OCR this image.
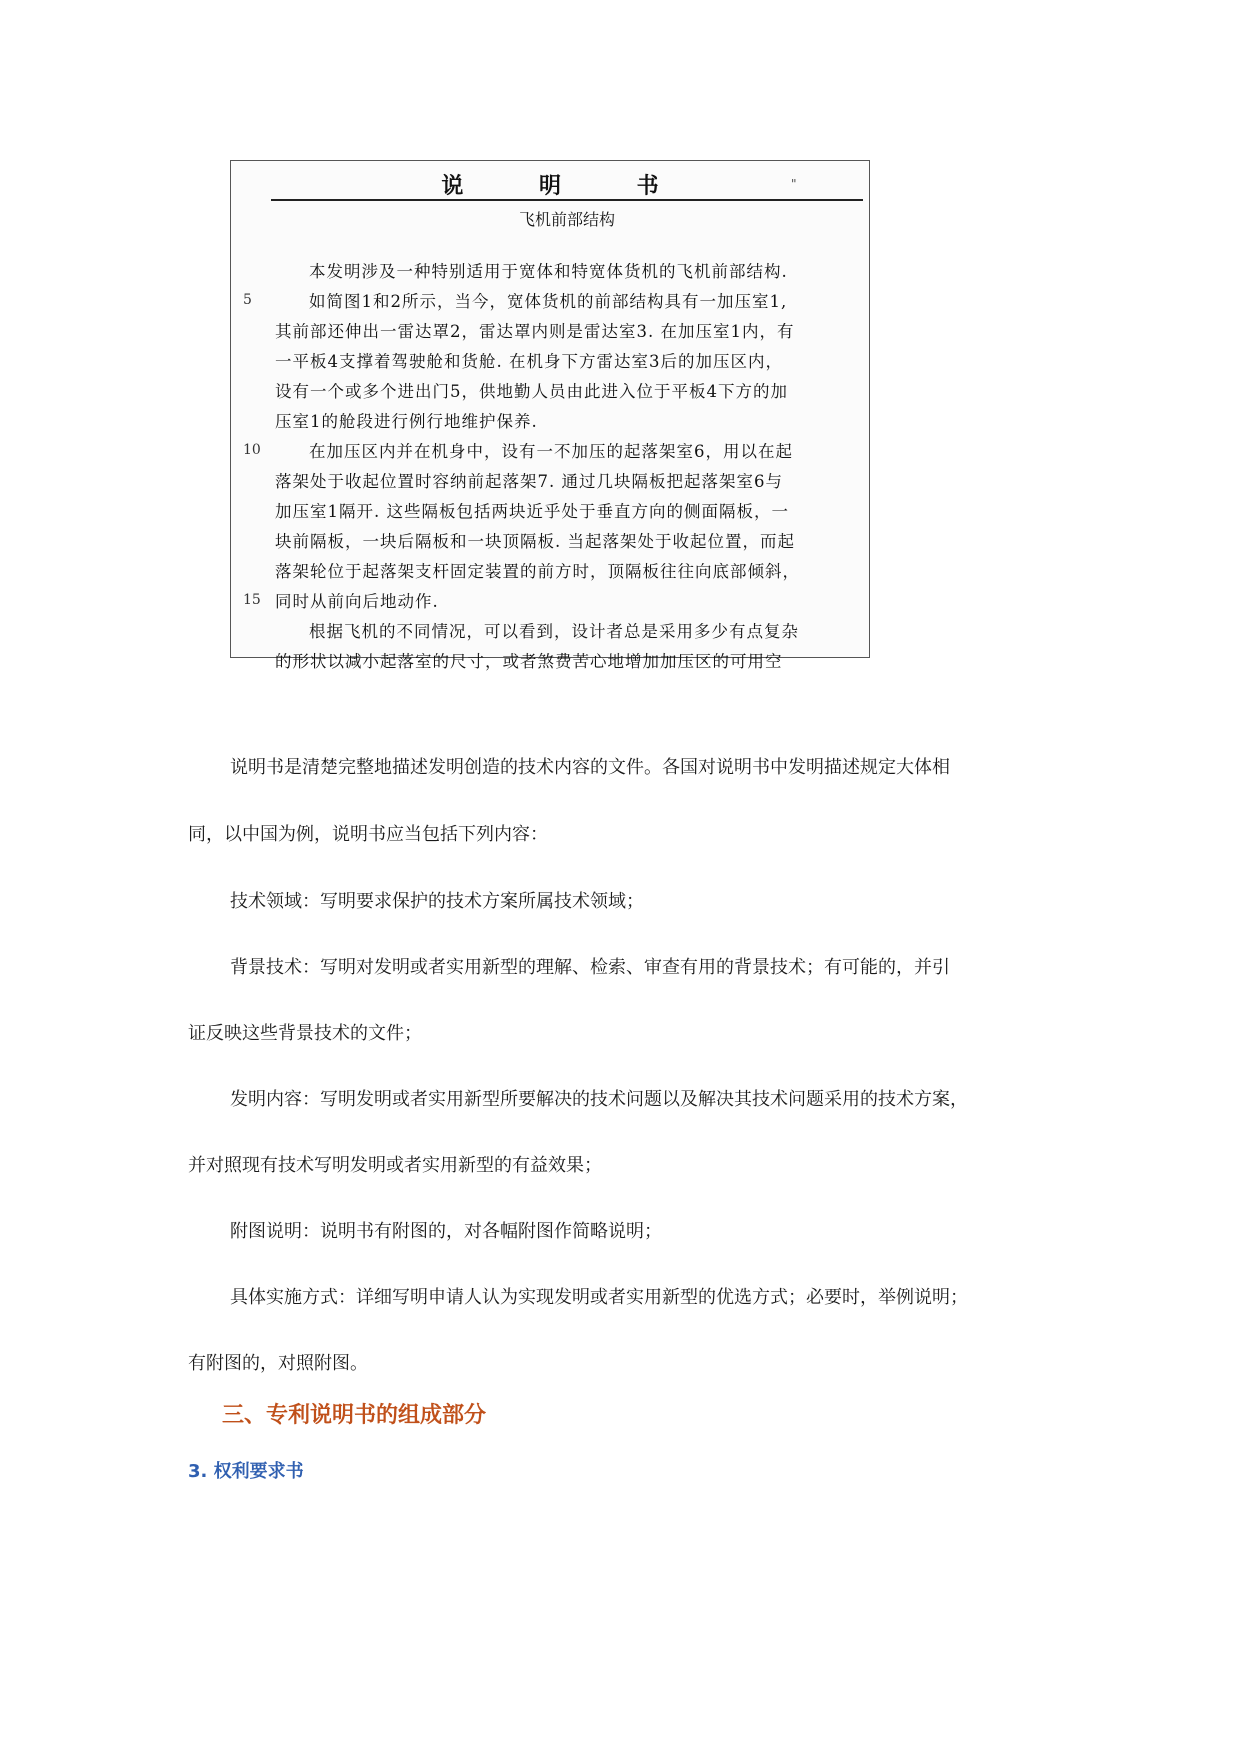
说 明 书	"
飞机前部结构
5
10
15
本发明涉及一种特别适用于宽体和特宽体货机的飞机前部结构.
如简图1和2所示，当今，宽体货机的前部结构具有一加压室1,
其前部还伸出一雷达罩2，雷达罩内则是雷达室3. 在加压室1内，有
一平板4支撑着驾驶舱和货舱. 在机身下方雷达室3后的加压区内，
设有一个或多个进出门5，供地勤人员由此进入位于平板4下方的加
压室1的舱段进行例行地维护保养.
在加压区内并在机身中，设有一不加压的起落架室6，用以在起
落架处于收起位置时容纳前起落架7. 通过几块隔板把起落架室6与
加压室1隔开. 这些隔板包括两块近乎处于垂直方向的侧面隔板，一
块前隔板，一块后隔板和一块顶隔板. 当起落架处于收起位置，而起
落架轮位于起落架支杆固定装置的前方时，顶隔板往往向底部倾斜，
同时从前向后地动作.
根据飞机的不同情况，可以看到，设计者总是采用多少有点复杂
的形状以减小起落室的尺寸，或者煞费苦心地增加加压区的可用空
说明书是清楚完整地描述发明创造的技术内容的文件。各国对说明书中发明描述规定大体相
同，以中国为例，说明书应当包括下列内容：
技术领域：写明要求保护的技术方案所属技术领域；
背景技术：写明对发明或者实用新型的理解、检索、审查有用的背景技术；有可能的，并引
证反映这些背景技术的文件；
发明内容：写明发明或者实用新型所要解决的技术问题以及解决其技术问题采用的技术方案，
并对照现有技术写明发明或者实用新型的有益效果；
附图说明：说明书有附图的，对各幅附图作简略说明；
具体实施方式：详细写明申请人认为实现发明或者实用新型的优选方式；必要时，举例说明；
有附图的，对照附图。
三、专利说明书的组成部分
3. 权利要求书
